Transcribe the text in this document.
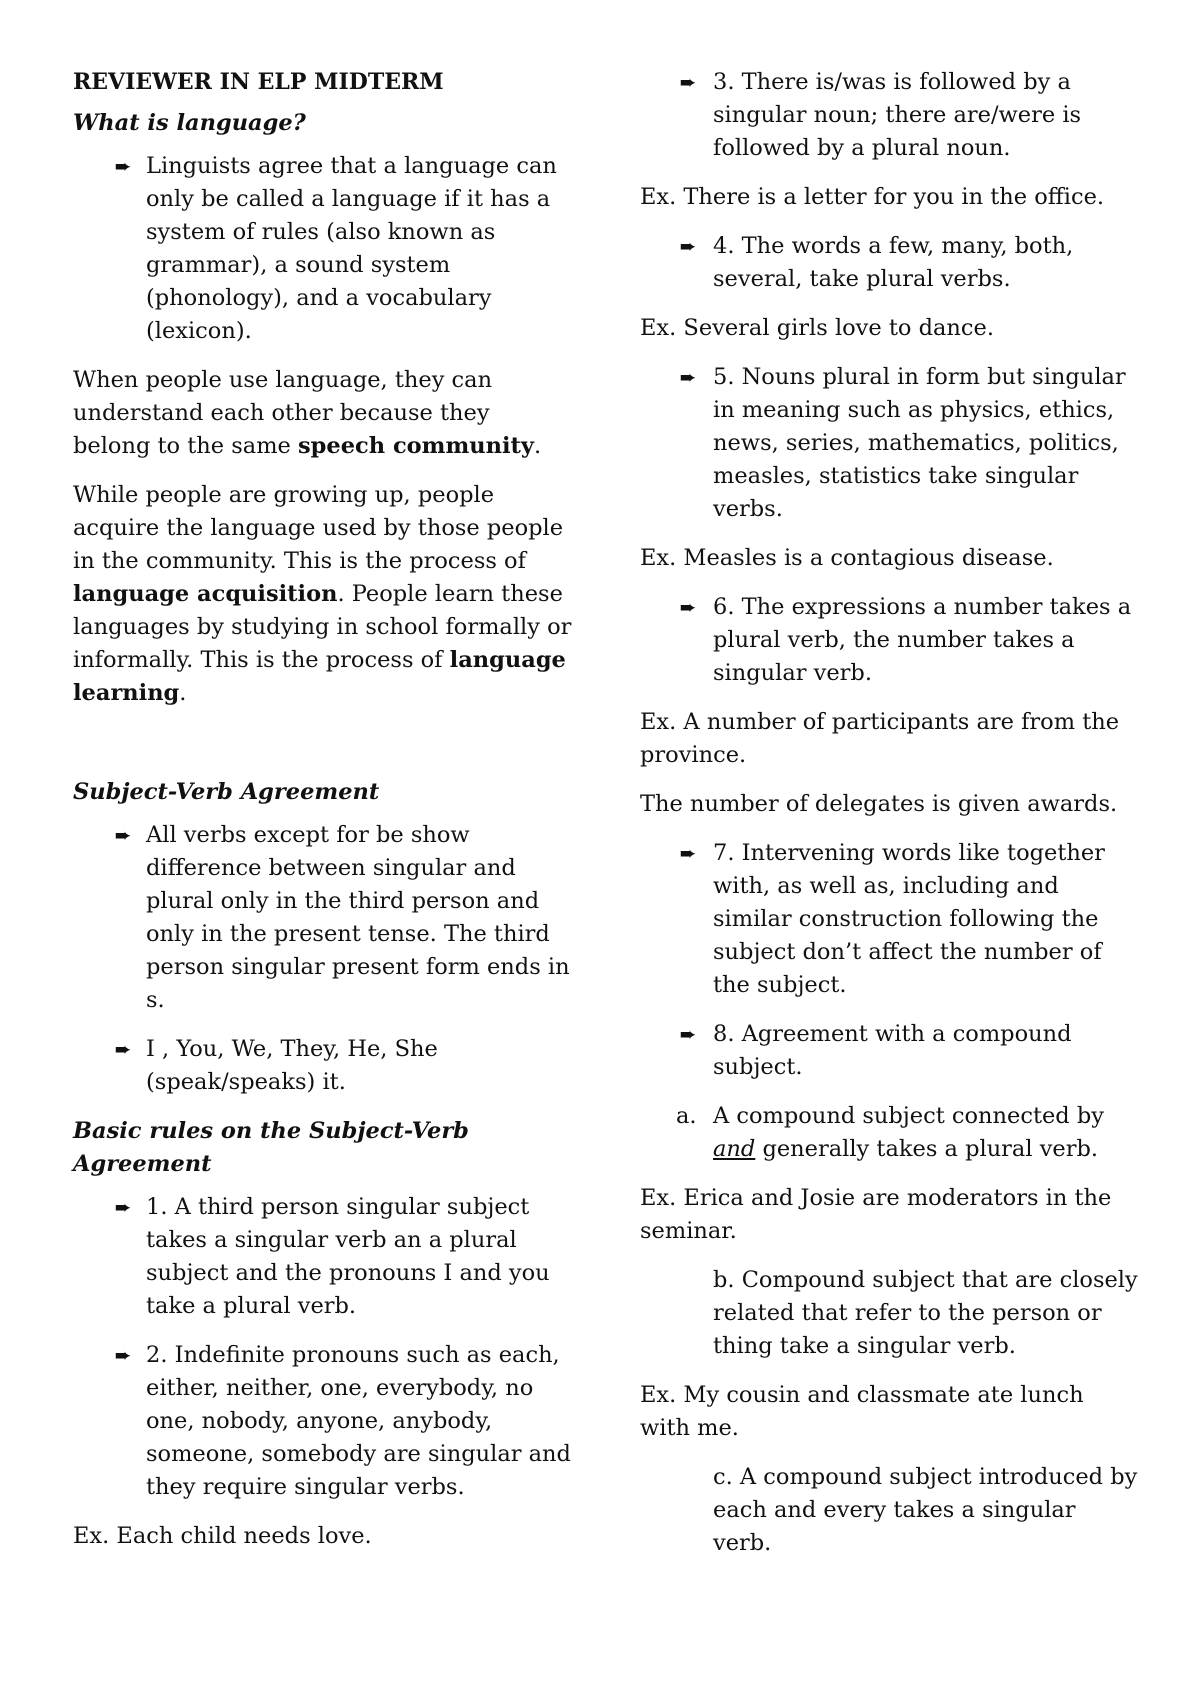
REVIEWER IN ELP MIDTERM

What is language?

➨ Linguists agree that a language can only be called a language if it has a system of rules (also known as grammar), a sound system (phonology), and a vocabulary (lexicon).

When people use language, they can understand each other because they belong to the same speech community.

While people are growing up, people acquire the language used by those people in the community. This is the process of language acquisition. People learn these languages by studying in school formally or informally. This is the process of language learning.

Subject-Verb Agreement

➨ All verbs except for be show difference between singular and plural only in the third person and only in the present tense. The third person singular present form ends in s.
➨ I , You, We, They, He, She (speak/speaks) it.

Basic rules on the Subject-Verb Agreement

➨ 1. A third person singular subject takes a singular verb an a plural subject and the pronouns I and you take a plural verb.
➨ 2. Indefinite pronouns such as each, either, neither, one, everybody, no one, nobody, anyone, anybody, someone, somebody are singular and they require singular verbs.

Ex. Each child needs love.

➨ 3. There is/was is followed by a singular noun; there are/were is followed by a plural noun.

Ex. There is a letter for you in the office.

➨ 4. The words a few, many, both, several, take plural verbs.

Ex. Several girls love to dance.

➨ 5. Nouns plural in form but singular in meaning such as physics, ethics, news, series, mathematics, politics, measles, statistics take singular verbs.

Ex. Measles is a contagious disease.

➨ 6. The expressions a number takes a plural verb, the number takes a singular verb.

Ex. A number of participants are from the province.

The number of delegates is given awards.

➨ 7. Intervening words like together with, as well as, including and similar construction following the subject don’t affect the number of the subject.
➨ 8. Agreement with a compound subject.
a. A compound subject connected by and generally takes a plural verb.

Ex. Erica and Josie are moderators in the seminar.

b. Compound subject that are closely related that refer to the person or thing take a singular verb.

Ex. My cousin and classmate ate lunch with me.

c. A compound subject introduced by each and every takes a singular verb.
